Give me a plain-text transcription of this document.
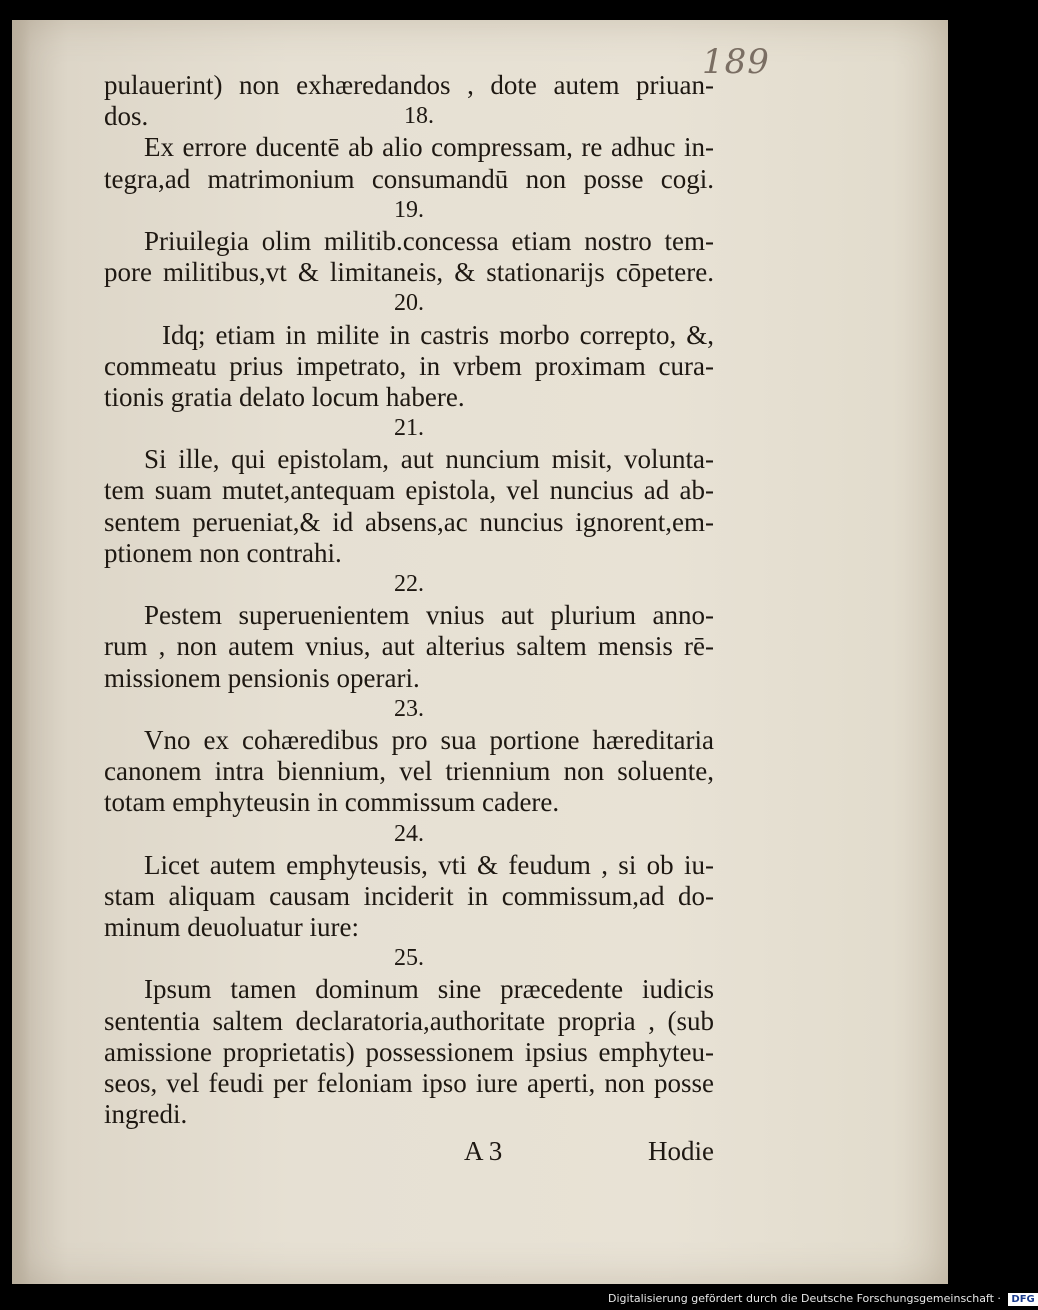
189
pulauerint) non exhæredandos , dote autem priuan-
dos.	18.
Ex errore ducentē ab alio compressam, re adhuc in-
tegra,ad matrimonium consumandū non posse cogi.
19.
Priuilegia olim militib.concessa etiam nostro tem-
pore militibus,vt & limitaneis, & stationarijs cōpetere.
20.
Idq; etiam in milite in castris morbo correpto, &,
commeatu prius impetrato, in vrbem proximam cura-
tionis gratia delato locum habere.
21.
Si ille, qui epistolam, aut nuncium misit, volunta-
tem suam mutet,antequam epistola, vel nuncius ad ab-
sentem perueniat,& id absens,ac nuncius ignorent,em-
ptionem non contrahi.
22.
Pestem superuenientem vnius aut plurium anno-
rum , non autem vnius, aut alterius saltem mensis rē-
missionem pensionis operari.
23.
Vno ex cohæredibus pro sua portione hæreditaria
canonem intra biennium, vel triennium non soluente,
totam emphyteusin in commissum cadere.
24.
Licet autem emphyteusis, vti & feudum , si ob iu-
stam aliquam causam inciderit in commissum,ad do-
minum deuoluatur iure:
25.
Ipsum tamen dominum sine præcedente iudicis
sententia saltem declaratoria,authoritate propria , (sub
amissione proprietatis) possessionem ipsius emphyteu-
seos, vel feudi per feloniam ipso iure aperti, non posse
ingredi.
A 3	Hodie
Digitalisierung gefördert durch die Deutsche Forschungsgemeinschaft · DFG
